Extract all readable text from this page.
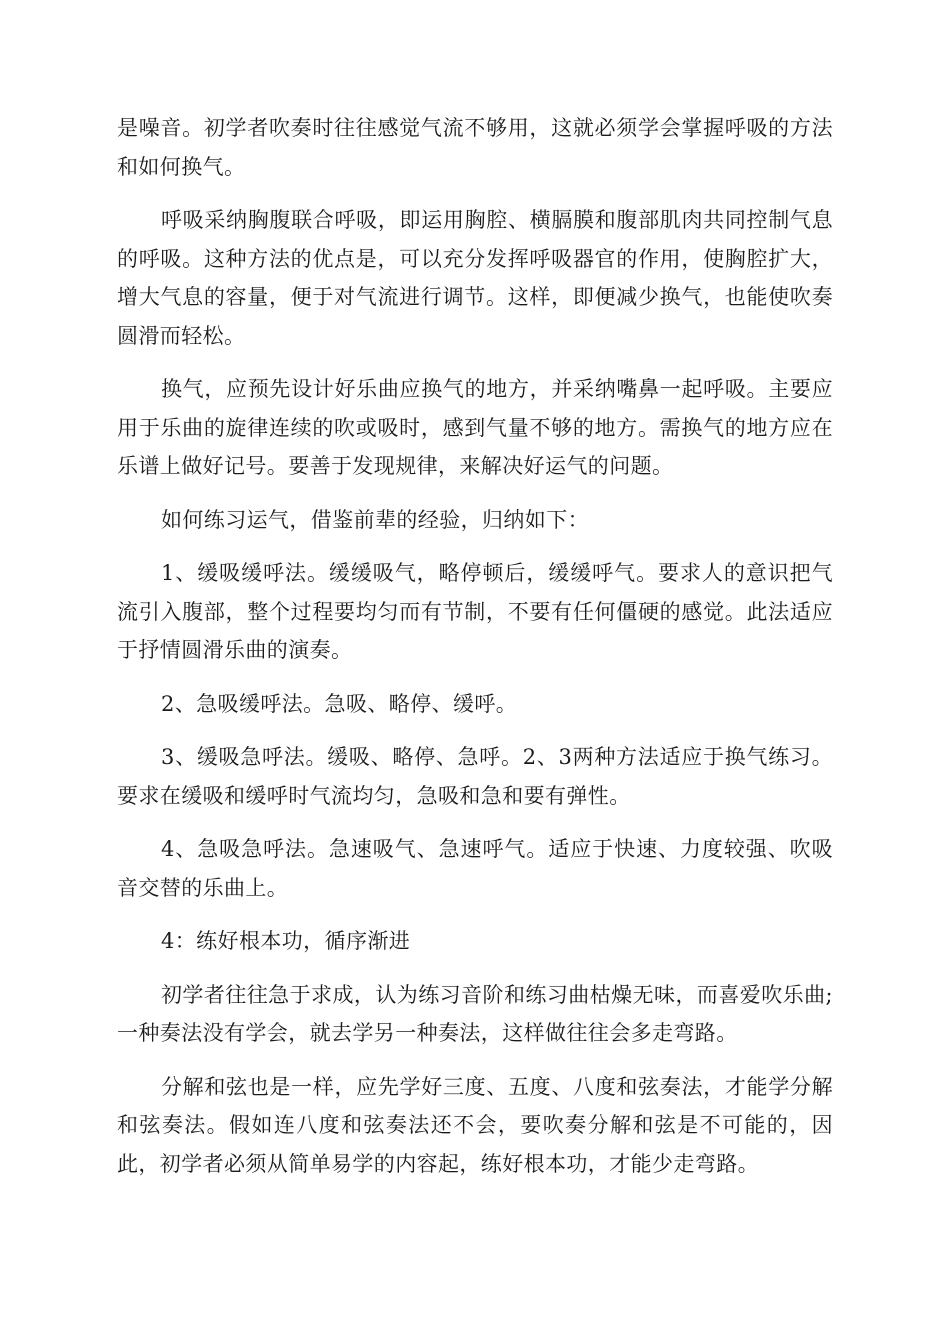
是噪音。初学者吹奏时往往感觉气流不够用，这就必须学会掌握呼吸的方法和如何换气。

呼吸采纳胸腹联合呼吸，即运用胸腔、横膈膜和腹部肌肉共同控制气息的呼吸。这种方法的优点是，可以充分发挥呼吸器官的作用，使胸腔扩大，增大气息的容量，便于对气流进行调节。这样，即便减少换气，也能使吹奏圆滑而轻松。

换气，应预先设计好乐曲应换气的地方，并采纳嘴鼻一起呼吸。主要应用于乐曲的旋律连续的吹或吸时，感到气量不够的地方。需换气的地方应在乐谱上做好记号。要善于发现规律，来解决好运气的问题。

如何练习运气，借鉴前辈的经验，归纳如下：

1、缓吸缓呼法。缓缓吸气，略停顿后，缓缓呼气。要求人的意识把气流引入腹部，整个过程要均匀而有节制，不要有任何僵硬的感觉。此法适应于抒情圆滑乐曲的演奏。

2、急吸缓呼法。急吸、略停、缓呼。

3、缓吸急呼法。缓吸、略停、急呼。2、3两种方法适应于换气练习。要求在缓吸和缓呼时气流均匀，急吸和急和要有弹性。

4、急吸急呼法。急速吸气、急速呼气。适应于快速、力度较强、吹吸音交替的乐曲上。

4：练好根本功，循序渐进

初学者往往急于求成，认为练习音阶和练习曲枯燥无味，而喜爱吹乐曲;一种奏法没有学会，就去学另一种奏法，这样做往往会多走弯路。

分解和弦也是一样，应先学好三度、五度、八度和弦奏法，才能学分解和弦奏法。假如连八度和弦奏法还不会，要吹奏分解和弦是不可能的，因此，初学者必须从简单易学的内容起，练好根本功，才能少走弯路。
